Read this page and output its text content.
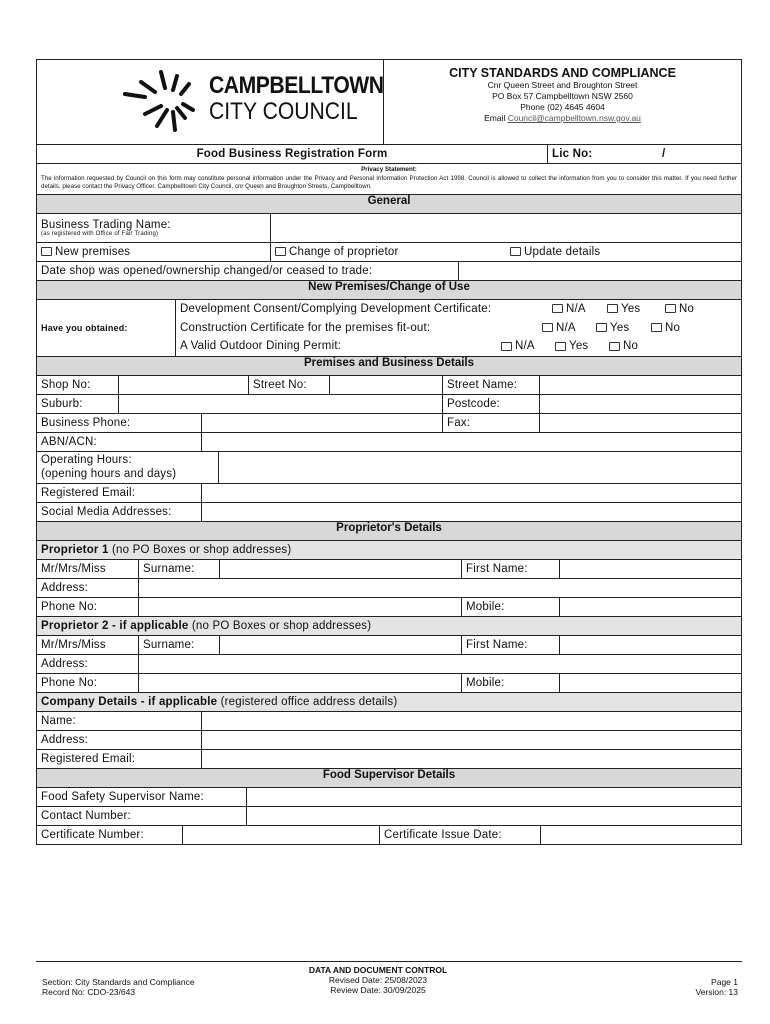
CAMPBELLTOWN
CITY COUNCIL
CITY STANDARDS AND COMPLIANCE
Cnr Queen Street and Broughton Street
PO Box 57 Campbelltown NSW 2560
Phone (02) 4645 4604
Email Council@campbelltown.nsw.gov.au
Food Business Registration Form	Lic No:	/
Privacy Statement:
The information requested by Council on this form may constitute personal information under the Privacy and Personal Information Protection Act 1998. Council is allowed to collect the information from you to consider this matter. If you need further details, please contact the Privacy Officer, Campbelltown City Council, cnr Queen and Broughton Streets, Campbelltown.
General
Business Trading Name:
(as registered with Office of Fair Trading)
New premises	Change of proprietor	Update details
Date shop was opened/ownership changed/or ceased to trade:
New Premises/Change of Use
Have you obtained:
Development Consent/Complying Development Certificate:	N/A	Yes	No
Construction Certificate for the premises fit-out:	N/A	Yes	No
A Valid Outdoor Dining Permit:	N/A	Yes	No
Premises and Business Details
Shop No:	Street No:	Street Name:
Suburb:	Postcode:
Business Phone:	Fax:
ABN/ACN:
Operating Hours:
(opening hours and days)
Registered Email:
Social Media Addresses:
Proprietor's Details
Proprietor 1 (no PO Boxes or shop addresses)
Mr/Mrs/Miss	Surname:	First Name:
Address:
Phone No:	Mobile:
Proprietor 2 - if applicable (no PO Boxes or shop addresses)
Mr/Mrs/Miss	Surname:	First Name:
Address:
Phone No:	Mobile:
Company Details - if applicable (registered office address details)
Name:
Address:
Registered Email:
Food Supervisor Details
Food Safety Supervisor Name:
Contact Number:
Certificate Number:	Certificate Issue Date:
Section: City Standards and Compliance
Record No: CDO-23/643
DATA AND DOCUMENT CONTROL
Revised Date: 25/08/2023
Review Date: 30/09/2025
Page 1
Version: 13
